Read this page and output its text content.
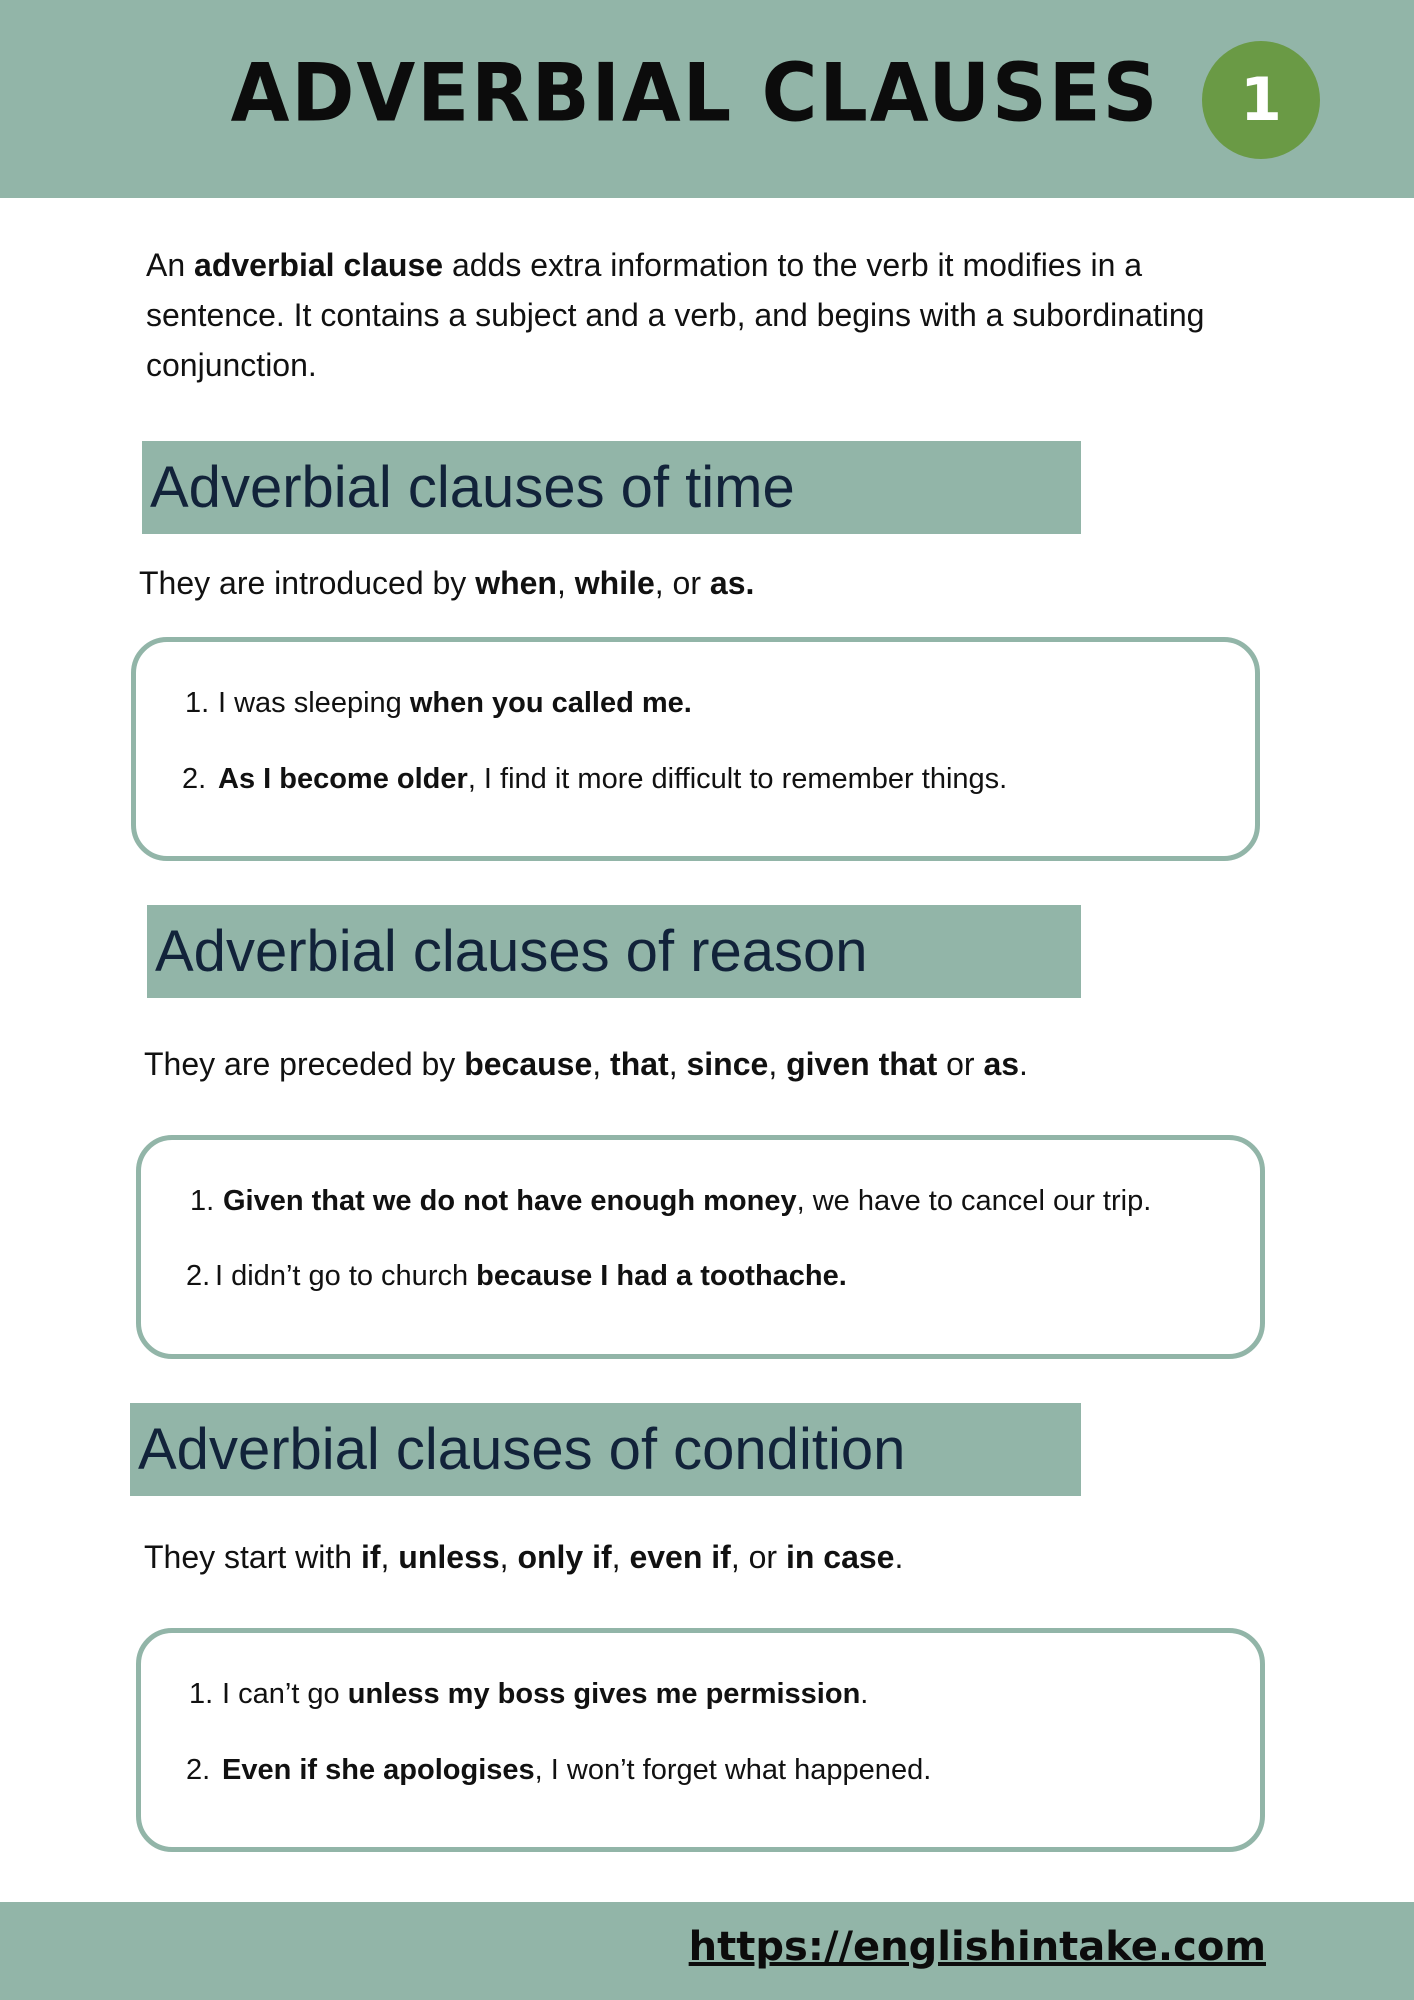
ADVERBIAL CLAUSES	1
An adverbial clause adds extra information to the verb it modifies in a sentence. It contains a subject and a verb, and begins with a subordinating conjunction.
Adverbial clauses of time
They are introduced by when, while, or as.
1. I was sleeping when you called me.
2. As I become older, I find it more difficult to remember things.
Adverbial clauses of reason
They are preceded by because, that, since, given that or as.
1. Given that we do not have enough money, we have to cancel our trip.
2. I didn’t go to church because I had a toothache.
Adverbial clauses of condition
They start with if, unless, only if, even if, or in case.
1. I can’t go unless my boss gives me permission.
2. Even if she apologises, I won’t forget what happened.
https://englishintake.com
